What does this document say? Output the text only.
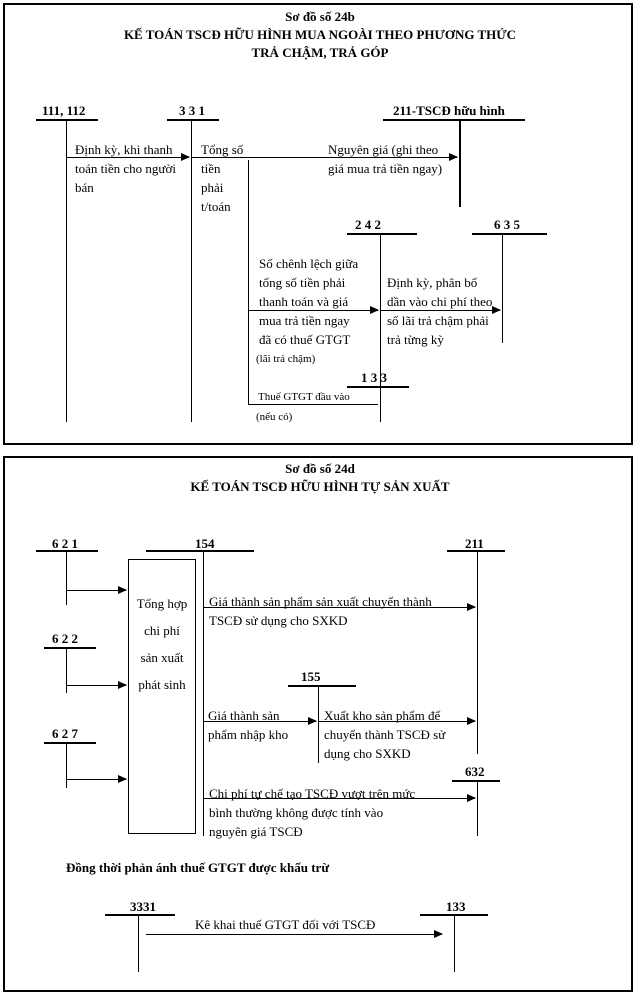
Sơ đồ số 24b
KẾ TOÁN TSCĐ HỮU HÌNH MUA NGOÀI THEO PHƯƠNG THỨC
TRẢ CHẬM, TRẢ GÓP
111, 112	3 3 1	211-TSCĐ hữu hình
Định kỳ, khi thanh
toán tiền cho người
bán
Tổng số
tiền
phải
t/toán
Nguyên giá (ghi theo
giá mua trả tiền ngay)
2 4 2	6 3 5
Số chênh lệch giữa
tổng số tiền phải
thanh toán và giá
mua trả tiền ngay
đã có thuế GTGT
(lãi trả chậm)
Định kỳ, phân bổ
dần vào chi phí theo
số lãi trả chậm phải
trả từng kỳ
1 3 3
Thuế GTGT đầu vào
(nếu có)
Sơ đồ số 24d
KẾ TOÁN TSCĐ HỮU HÌNH TỰ SẢN XUẤT
6 2 1
6 2 2
6 2 7
154
Tổng hợp
chi phí
sản xuất
phát sinh
211
Giá thành sản phẩm sản xuất chuyển thành
TSCĐ sử dụng cho SXKD
155
Giá thành sản
phẩm nhập kho
Xuất kho sản phẩm để
chuyển thành TSCĐ sử
dụng cho SXKD
632
Chi phí tự chế tạo TSCĐ vượt trên mức
bình thường không được tính vào
nguyên giá TSCĐ
Đồng thời phản ánh thuế GTGT được khấu trừ
3331	133
Kê khai thuế GTGT đối với TSCĐ
